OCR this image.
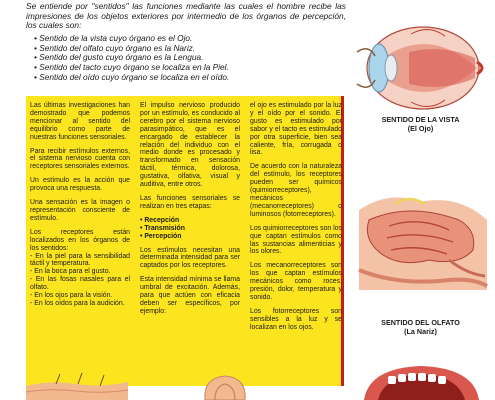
Se entiende por "sentidos" las funciones mediante las cuales el hombre recibe las impresiones de los objetos exteriores por intermedio de los órganos de percepción, los cuales son:

• Sentido de la vista cuyo órgano es el Ojo.
• Sentido del olfato cuyo órgano es la Nariz.
• Sentido del gusto cuyo órgano es la Lengua.
• Sentido del tacto cuyo órgano se localiza en la Piel.
• Sentido del oído cuyo órgano se localiza en el oído.

Las últimas investigaciones han demostrado que podemos mencionar al sentido del equilibrio como parte de nuestras funciones sensoriales.

Para recibir estímulos externos, el sistema nervioso cuenta con receptores sensoriales externos.

Un estímulo es la acción que provoca una respuesta.

Una sensación es la imagen o representación consciente de estímulo.

Los receptores están localizados en los órganos de los sentidos:

- En la piel para la sensibilidad táctil y temperatura.
- En la boca para el gusto.
- En las fosas nasales para el olfato.
- En los ojos para la visión.
- En los oídos para la audición.

El impulso nervioso producido por un estímulo, es conducido al cerebro por el sistema nervioso parasimpático, que es el encargado de establecer la relación del individuo con el medio donde es procesado y transformado en sensación táctil, térmica, dolorosa, gustativa, olfativa, visual y auditiva, entre otros.

Las funciones sensoriales se realizan en tres etapas:

• Recepción
• Transmisión
• Percepción

Los estímulos necesitan una determinada intensidad para ser captados por los receptores.

Esta intensidad mínima se llama umbral de excitación. Además, para que actúen con eficacia deben ser específicos, por ejemplo:

el ojo es estimulado por la luz y el oído por el sonido. El gusto es estimulado por sabor y el tacto es estimulado por otra superficie, bien sea caliente, fría, corrugada o lisa.

De acuerdo con la naturaleza del estímulo, los receptores pueden ser químicos (quimiorreceptores), mecánicos (mecanorreceptores) o luminosos (fotorreceptores).

Los quimiorreceptores son los que captan estímulos como las sustancias alimenticias y los olores.

Los mecanorreceptores son los que captan estímulos mecánicos como roces, presión, dolor, temperatura y sonido.

Los fotorreceptores son sensibles a la luz y se localizan en los ojos.

SENTIDO DE LA VISTA
(El Ojo)
SENTIDO DEL OLFATO
(La Nariz)
